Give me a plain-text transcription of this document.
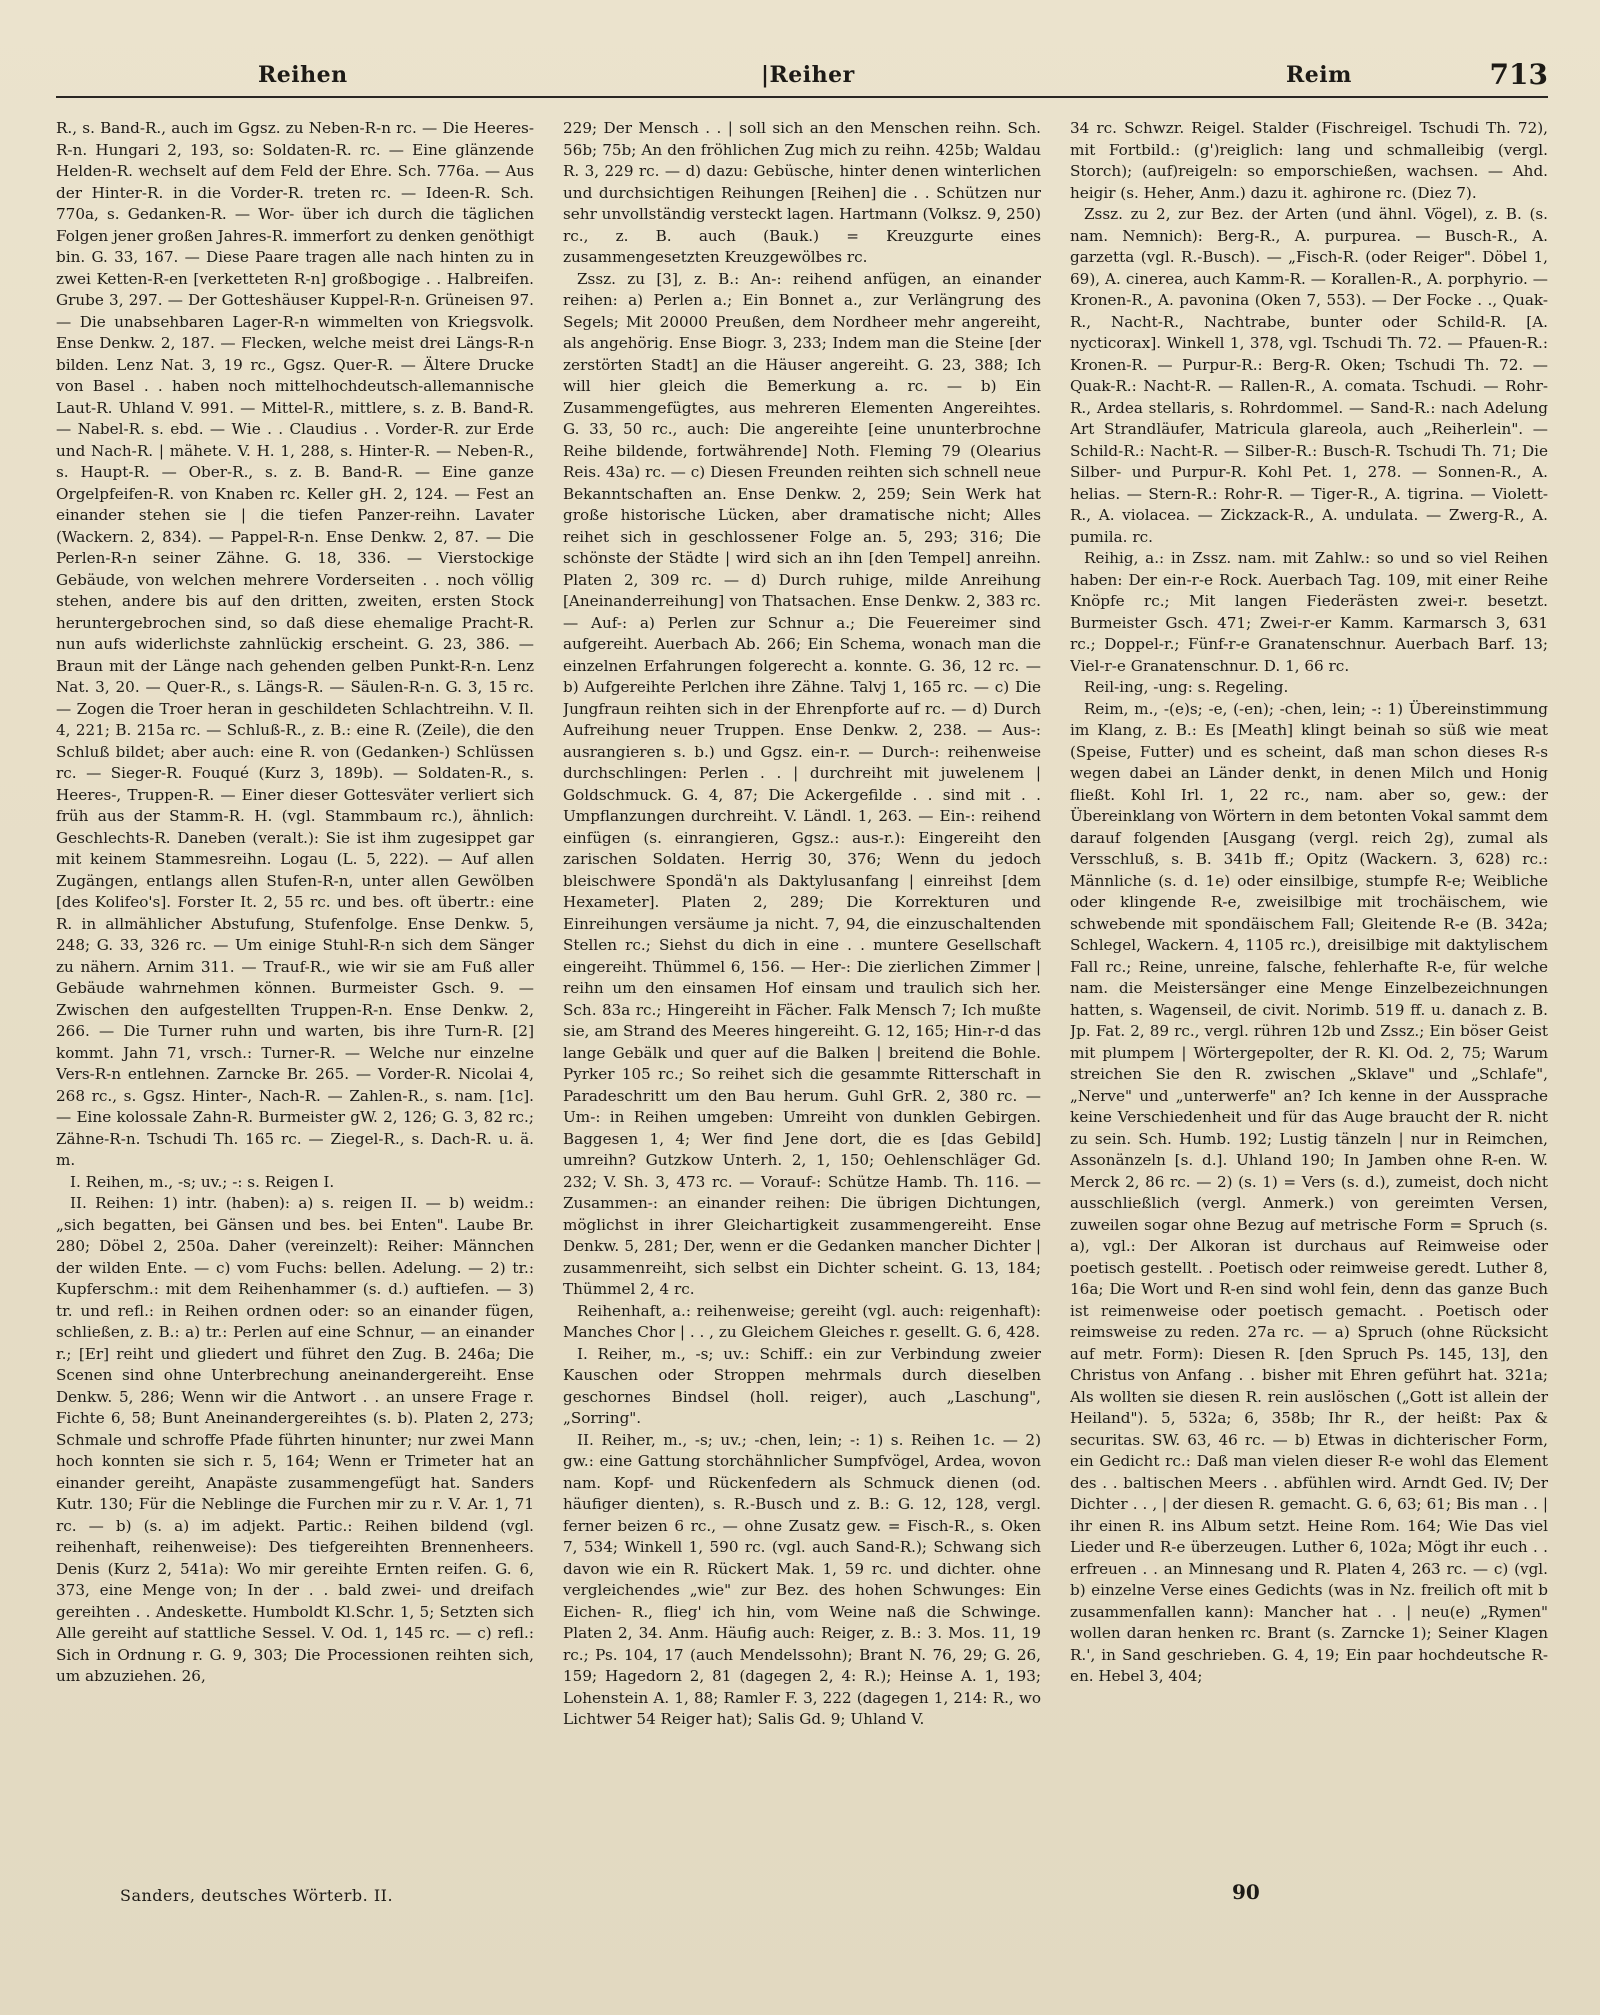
Reihen	|Reiher	Reim	713

R., s. Band-R., auch im Ggsz. zu Neben-R-n rc. — Die Heeres-R-n. Hungari 2, 193, so: Soldaten-R. rc. — Eine glänzende Helden-R. wechselt auf dem Feld der Ehre. Sch. 776a. — Aus der Hinter-R. in die Vorder-R. treten rc. — Ideen-R. Sch. 770a, s. Gedanken-R. — Wor- über ich durch die täglichen Folgen jener großen Jahres-R. immerfort zu denken genöthigt bin. G. 33, 167. — Diese Paare tragen alle nach hinten zu in zwei Ketten-R-en [verketteten R-n] großbogige . . Halbreifen. Grube 3, 297. — Der Gotteshäuser Kuppel-R-n. Grüneisen 97. — Die unabsehbaren Lager-R-n wimmelten von Kriegsvolk. Ense Denkw. 2, 187. — Flecken, welche meist drei Längs-R-n bilden. Lenz Nat. 3, 19 rc., Ggsz. Quer-R. — Ältere Drucke von Basel . . haben noch mittelhochdeutsch-allemannische Laut-R. Uhland V. 991. — Mittel-R., mittlere, s. z. B. Band-R. — Nabel-R. s. ebd. — Wie . . Claudius . . Vorder-R. zur Erde und Nach-R. | mähete. V. H. 1, 288, s. Hinter-R. — Neben-R., s. Haupt-R. — Ober-R., s. z. B. Band-R. — Eine ganze Orgelpfeifen-R. von Knaben rc. Keller gH. 2, 124. — Fest an einander stehen sie | die tiefen Panzer-reihn. Lavater (Wackern. 2, 834). — Pappel-R-n. Ense Denkw. 2, 87. — Die Perlen-R-n seiner Zähne. G. 18, 336. — Vierstockige Gebäude, von welchen mehrere Vorderseiten . . noch völlig stehen, andere bis auf den dritten, zweiten, ersten Stock heruntergebrochen sind, so daß diese ehemalige Pracht-R. nun aufs widerlichste zahnlückig erscheint. G. 23, 386. — Braun mit der Länge nach gehenden gelben Punkt-R-n. Lenz Nat. 3, 20. — Quer-R., s. Längs-R. — Säulen-R-n. G. 3, 15 rc. — Zogen die Troer heran in geschildeten Schlachtreihn. V. Il. 4, 221; B. 215a rc. — Schluß-R., z. B.: eine R. (Zeile), die den Schluß bildet; aber auch: eine R. von (Gedanken-) Schlüssen rc. — Sieger-R. Fouqué (Kurz 3, 189b). — Soldaten-R., s. Heeres-, Truppen-R. — Einer dieser Gottesväter verliert sich früh aus der Stamm-R. H. (vgl. Stammbaum rc.), ähnlich: Geschlechts-R. Daneben (veralt.): Sie ist ihm zugesippet gar mit keinem Stammesreihn. Logau (L. 5, 222). — Auf allen Zugängen, entlangs allen Stufen-R-n, unter allen Gewölben [des Kolifeo's]. Forster It. 2, 55 rc. und bes. oft übertr.: eine R. in allmählicher Abstufung, Stufenfolge. Ense Denkw. 5, 248; G. 33, 326 rc. — Um einige Stuhl-R-n sich dem Sänger zu nähern. Arnim 311. — Trauf-R., wie wir sie am Fuß aller Gebäude wahrnehmen können. Burmeister Gsch. 9. — Zwischen den aufgestellten Truppen-R-n. Ense Denkw. 2, 266. — Die Turner ruhn und warten, bis ihre Turn-R. [2] kommt. Jahn 71, vrsch.: Turner-R. — Welche nur einzelne Vers-R-n entlehnen. Zarncke Br. 265. — Vorder-R. Nicolai 4, 268 rc., s. Ggsz. Hinter-, Nach-R. — Zahlen-R., s. nam. [1c]. — Eine kolossale Zahn-R. Burmeister gW. 2, 126; G. 3, 82 rc.; Zähne-R-n. Tschudi Th. 165 rc. — Ziegel-R., s. Dach-R. u. ä. m.

I. Reihen, m., -s; uv.; -: s. Reigen I.

II. Reihen: 1) intr. (haben): a) s. reigen II. — b) weidm.: „sich begatten, bei Gänsen und bes. bei Enten". Laube Br. 280; Döbel 2, 250a. Daher (vereinzelt): Reiher: Männchen der wilden Ente. — c) vom Fuchs: bellen. Adelung. — 2) tr.: Kupferschm.: mit dem Reihenhammer (s. d.) auftiefen. — 3) tr. und refl.: in Reihen ordnen oder: so an einander fügen, schließen, z. B.: a) tr.: Perlen auf eine Schnur, — an einander r.; [Er] reiht und gliedert und führet den Zug. B. 246a; Die Scenen sind ohne Unterbrechung aneinandergereiht. Ense Denkw. 5, 286; Wenn wir die Antwort . . an unsere Frage r. Fichte 6, 58; Bunt Aneinandergereihtes (s. b). Platen 2, 273; Schmale und schroffe Pfade führten hinunter; nur zwei Mann hoch konnten sie sich r. 5, 164; Wenn er Trimeter hat an einander gereiht, Anapäste zusammengefügt hat. Sanders Kutr. 130; Für die Neblinge die Furchen mir zu r. V. Ar. 1, 71 rc. — b) (s. a) im adjekt. Partic.: Reihen bildend (vgl. reihenhaft, reihenweise): Des tiefgereihten Brennenheers. Denis (Kurz 2, 541a): Wo mir gereihte Ernten reifen. G. 6, 373, eine Menge von; In der . . bald zwei- und dreifach gereihten . . Andeskette. Humboldt Kl.Schr. 1, 5; Setzten sich Alle gereiht auf stattliche Sessel. V. Od. 1, 145 rc. — c) refl.: Sich in Ordnung r. G. 9, 303; Die Processionen reihten sich, um abzuziehen. 26,

229; Der Mensch . . | soll sich an den Menschen reihn. Sch. 56b; 75b; An den fröhlichen Zug mich zu reihn. 425b; Waldau R. 3, 229 rc. — d) dazu: Gebüsche, hinter denen winterlichen und durchsichtigen Reihungen [Reihen] die . . Schützen nur sehr unvollständig versteckt lagen. Hartmann (Volksz. 9, 250) rc., z. B. auch (Bauk.) = Kreuzgurte eines zusammengesetzten Kreuzgewölbes rc.

Zssz. zu [3], z. B.: An-: reihend anfügen, an einander reihen: a) Perlen a.; Ein Bonnet a., zur Verlängrung des Segels; Mit 20000 Preußen, dem Nordheer mehr angereiht, als angehörig. Ense Biogr. 3, 233; Indem man die Steine [der zerstörten Stadt] an die Häuser angereiht. G. 23, 388; Ich will hier gleich die Bemerkung a. rc. — b) Ein Zusammengefügtes, aus mehreren Elementen Angereihtes. G. 33, 50 rc., auch: Die angereihte [eine ununterbrochne Reihe bildende, fortwährende] Noth. Fleming 79 (Olearius Reis. 43a) rc. — c) Diesen Freunden reihten sich schnell neue Bekanntschaften an. Ense Denkw. 2, 259; Sein Werk hat große historische Lücken, aber dramatische nicht; Alles reihet sich in geschlossener Folge an. 5, 293; 316; Die schönste der Städte | wird sich an ihn [den Tempel] anreihn. Platen 2, 309 rc. — d) Durch ruhige, milde Anreihung [Aneinanderreihung] von Thatsachen. Ense Denkw. 2, 383 rc. — Auf-: a) Perlen zur Schnur a.; Die Feuereimer sind aufgereiht. Auerbach Ab. 266; Ein Schema, wonach man die einzelnen Erfahrungen folgerecht a. konnte. G. 36, 12 rc. — b) Aufgereihte Perlchen ihre Zähne. Talvj 1, 165 rc. — c) Die Jungfraun reihten sich in der Ehrenpforte auf rc. — d) Durch Aufreihung neuer Truppen. Ense Denkw. 2, 238. — Aus-: ausrangieren s. b.) und Ggsz. ein-r. — Durch-: reihenweise durchschlingen: Perlen . . | durchreiht mit juwelenem | Goldschmuck. G. 4, 87; Die Ackergefilde . . sind mit . . Umpflanzungen durchreiht. V. Ländl. 1, 263. — Ein-: reihend einfügen (s. einrangieren, Ggsz.: aus-r.): Eingereiht den zarischen Soldaten. Herrig 30, 376; Wenn du jedoch bleischwere Spondä'n als Daktylusanfang | einreihst [dem Hexameter]. Platen 2, 289; Die Korrekturen und Einreihungen versäume ja nicht. 7, 94, die einzuschaltenden Stellen rc.; Siehst du dich in eine . . muntere Gesellschaft eingereiht. Thümmel 6, 156. — Her-: Die zierlichen Zimmer | reihn um den einsamen Hof einsam und traulich sich her. Sch. 83a rc.; Hingereiht in Fächer. Falk Mensch 7; Ich mußte sie, am Strand des Meeres hingereiht. G. 12, 165; Hin-r-d das lange Gebälk und quer auf die Balken | breitend die Bohle. Pyrker 105 rc.; So reihet sich die gesammte Ritterschaft in Paradeschritt um den Bau herum. Guhl GrR. 2, 380 rc. — Um-: in Reihen umgeben: Umreiht von dunklen Gebirgen. Baggesen 1, 4; Wer find Jene dort, die es [das Gebild] umreihn? Gutzkow Unterh. 2, 1, 150; Oehlenschläger Gd. 232; V. Sh. 3, 473 rc. — Vorauf-: Schütze Hamb. Th. 116. — Zusammen-: an einander reihen: Die übrigen Dichtungen, möglichst in ihrer Gleichartigkeit zusammengereiht. Ense Denkw. 5, 281; Der, wenn er die Gedanken mancher Dichter | zusammenreiht, sich selbst ein Dichter scheint. G. 13, 184; Thümmel 2, 4 rc.

Reihenhaft, a.: reihenweise; gereiht (vgl. auch: reigenhaft): Manches Chor | . . , zu Gleichem Gleiches r. gesellt. G. 6, 428.

I. Reiher, m., -s; uv.: Schiff.: ein zur Verbindung zweier Kauschen oder Stroppen mehrmals durch dieselben geschornes Bindsel (holl. reiger), auch „Laschung", „Sorring".

II. Reiher, m., -s; uv.; -chen, lein; -: 1) s. Reihen 1c. — 2) gw.: eine Gattung storchähnlicher Sumpfvögel, Ardea, wovon nam. Kopf- und Rückenfedern als Schmuck dienen (od. häufiger dienten), s. R.-Busch und z. B.: G. 12, 128, vergl. ferner beizen 6 rc., — ohne Zusatz gew. = Fisch-R., s. Oken 7, 534; Winkell 1, 590 rc. (vgl. auch Sand-R.); Schwang sich davon wie ein R. Rückert Mak. 1, 59 rc. und dichter. ohne vergleichendes „wie" zur Bez. des hohen Schwunges: Ein Eichen- R., flieg' ich hin, vom Weine naß die Schwinge. Platen 2, 34. Anm. Häufig auch: Reiger, z. B.: 3. Mos. 11, 19 rc.; Ps. 104, 17 (auch Mendelssohn); Brant N. 76, 29; G. 26, 159; Hagedorn 2, 81 (dagegen 2, 4: R.); Heinse A. 1, 193; Lohenstein A. 1, 88; Ramler F. 3, 222 (dagegen 1, 214: R., wo Lichtwer 54 Reiger hat); Salis Gd. 9; Uhland V.

34 rc. Schwzr. Reigel. Stalder (Fischreigel. Tschudi Th. 72), mit Fortbild.: (g')reiglich: lang und schmalleibig (vergl. Storch); (auf)reigeln: so emporschießen, wachsen. — Ahd. heigir (s. Heher, Anm.) dazu it. aghirone rc. (Diez 7).

Zssz. zu 2, zur Bez. der Arten (und ähnl. Vögel), z. B. (s. nam. Nemnich): Berg-R., A. purpurea. — Busch-R., A. garzetta (vgl. R.-Busch). — „Fisch-R. (oder Reiger". Döbel 1, 69), A. cinerea, auch Kamm-R. — Korallen-R., A. porphyrio. — Kronen-R., A. pavonina (Oken 7, 553). — Der Focke . ., Quak-R., Nacht-R., Nachtrabe, bunter oder Schild-R. [A. nycticorax]. Winkell 1, 378, vgl. Tschudi Th. 72. — Pfauen-R.: Kronen-R. — Purpur-R.: Berg-R. Oken; Tschudi Th. 72. — Quak-R.: Nacht-R. — Rallen-R., A. comata. Tschudi. — Rohr-R., Ardea stellaris, s. Rohrdommel. — Sand-R.: nach Adelung Art Strandläufer, Matricula glareola, auch „Reiherlein". — Schild-R.: Nacht-R. — Silber-R.: Busch-R. Tschudi Th. 71; Die Silber- und Purpur-R. Kohl Pet. 1, 278. — Sonnen-R., A. helias. — Stern-R.: Rohr-R. — Tiger-R., A. tigrina. — Violett-R., A. violacea. — Zickzack-R., A. undulata. — Zwerg-R., A. pumila. rc.

Reihig, a.: in Zssz. nam. mit Zahlw.: so und so viel Reihen haben: Der ein-r-e Rock. Auerbach Tag. 109, mit einer Reihe Knöpfe rc.; Mit langen Fiederästen zwei-r. besetzt. Burmeister Gsch. 471; Zwei-r-er Kamm. Karmarsch 3, 631 rc.; Doppel-r.; Fünf-r-e Granatenschnur. Auerbach Barf. 13; Viel-r-e Granatenschnur. D. 1, 66 rc.

Reil-ing, -ung: s. Regeling.

Reim, m., -(e)s; -e, (-en); -chen, lein; -: 1) Übereinstimmung im Klang, z. B.: Es [Meath] klingt beinah so süß wie meat (Speise, Futter) und es scheint, daß man schon dieses R-s wegen dabei an Länder denkt, in denen Milch und Honig fließt. Kohl Irl. 1, 22 rc., nam. aber so, gew.: der Übereinklang von Wörtern in dem betonten Vokal sammt dem darauf folgenden [Ausgang (vergl. reich 2g), zumal als Versschluß, s. B. 341b ff.; Opitz (Wackern. 3, 628) rc.: Männliche (s. d. 1e) oder einsilbige, stumpfe R-e; Weibliche oder klingende R-e, zweisilbige mit trochäischem, wie schwebende mit spondäischem Fall; Gleitende R-e (B. 342a; Schlegel, Wackern. 4, 1105 rc.), dreisilbige mit daktylischem Fall rc.; Reine, unreine, falsche, fehlerhafte R-e, für welche nam. die Meistersänger eine Menge Einzelbezeichnungen hatten, s. Wagenseil, de civit. Norimb. 519 ff. u. danach z. B. Jp. Fat. 2, 89 rc., vergl. rühren 12b und Zssz.; Ein böser Geist mit plumpem | Wörtergepolter, der R. Kl. Od. 2, 75; Warum streichen Sie den R. zwischen „Sklave" und „Schlafe", „Nerve" und „unterwerfe" an? Ich kenne in der Aussprache keine Verschiedenheit und für das Auge braucht der R. nicht zu sein. Sch. Humb. 192; Lustig tänzeln | nur in Reimchen, Assonänzeln [s. d.]. Uhland 190; In Jamben ohne R-en. W. Merck 2, 86 rc. — 2) (s. 1) = Vers (s. d.), zumeist, doch nicht ausschließlich (vergl. Anmerk.) von gereimten Versen, zuweilen sogar ohne Bezug auf metrische Form = Spruch (s. a), vgl.: Der Alkoran ist durchaus auf Reimweise oder poetisch gestellt. . Poetisch oder reimweise geredt. Luther 8, 16a; Die Wort und R-en sind wohl fein, denn das ganze Buch ist reimenweise oder poetisch gemacht. . Poetisch oder reimsweise zu reden. 27a rc. — a) Spruch (ohne Rücksicht auf metr. Form): Diesen R. [den Spruch Ps. 145, 13], den Christus von Anfang . . bisher mit Ehren geführt hat. 321a; Als wollten sie diesen R. rein auslöschen („Gott ist allein der Heiland"). 5, 532a; 6, 358b; Ihr R., der heißt: Pax & securitas. SW. 63, 46 rc. — b) Etwas in dichterischer Form, ein Gedicht rc.: Daß man vielen dieser R-e wohl das Element des . . baltischen Meers . . abfühlen wird. Arndt Ged. IV; Der Dichter . . , | der diesen R. gemacht. G. 6, 63; 61; Bis man . . | ihr einen R. ins Album setzt. Heine Rom. 164; Wie Das viel Lieder und R-e überzeugen. Luther 6, 102a; Mögt ihr euch . . erfreuen . . an Minnesang und R. Platen 4, 263 rc. — c) (vgl. b) einzelne Verse eines Gedichts (was in Nz. freilich oft mit b zusammenfallen kann): Mancher hat . . | neu(e) „Rymen" wollen daran henken rc. Brant (s. Zarncke 1); Seiner Klagen R.', in Sand geschrieben. G. 4, 19; Ein paar hochdeutsche R-en. Hebel 3, 404;

Sanders, deutsches Wörterb. II.	90
